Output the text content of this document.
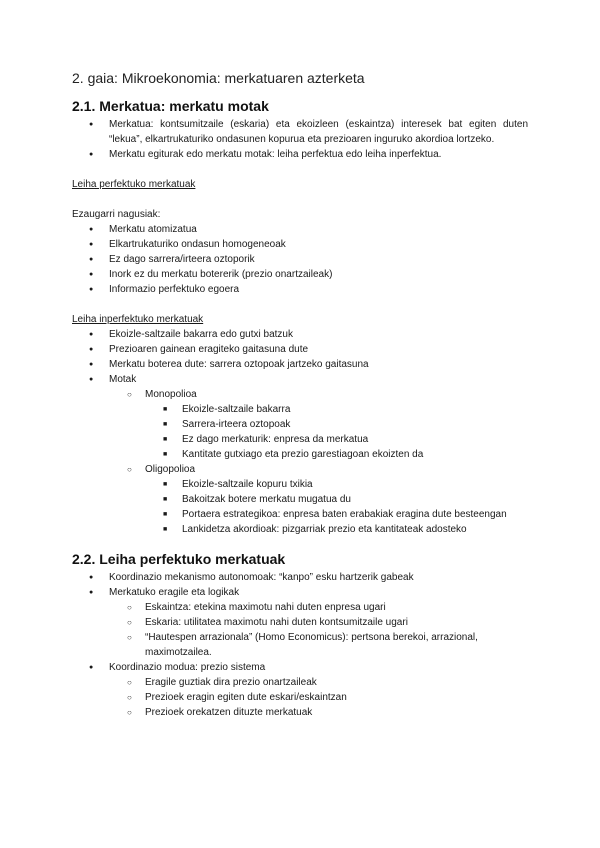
2. gaia: Mikroekonomia: merkatuaren azterketa
2.1. Merkatua: merkatu motak
● Merkatua: kontsumitzaile (eskaria) eta ekoizleen (eskaintza) interesek bat egiten duten “lekua”, elkartrukaturiko ondasunen kopurua eta prezioaren inguruko akordioa lortzeko.
● Merkatu egiturak edo merkatu motak: leiha perfektua edo leiha inperfektua.

Leiha perfektuko merkatuak

Ezaugarri nagusiak:
● Merkatu atomizatua
● Elkartrukaturiko ondasun homogeneoak
● Ez dago sarrera/irteera oztoporik
● Inork ez du merkatu botererik (prezio onartzaileak)
● Informazio perfektuko egoera

Leiha inperfektuko merkatuak

● Ekoizle-saltzaile bakarra edo gutxi batzuk
● Prezioaren gainean eragiteko gaitasuna dute
● Merkatu boterea dute: sarrera oztopoak jartzeko gaitasuna
● Motak
○ Monopolioa
■ Ekoizle-saltzaile bakarra
■ Sarrera-irteera oztopoak
■ Ez dago merkaturik: enpresa da merkatua
■ Kantitate gutxiago eta prezio garestiagoan ekoizten da
○ Oligopolioa
■ Ekoizle-saltzaile kopuru txikia
■ Bakoitzak botere merkatu mugatua du
■ Portaera estrategikoa: enpresa baten erabakiak eragina dute besteengan
■ Lankidetza akordioak: pizgarriak prezio eta kantitateak adosteko
2.2. Leiha perfektuko merkatuak
● Koordinazio mekanismo autonomoak: “kanpo” esku hartzerik gabeak
● Merkatuko eragile eta logikak
○ Eskaintza: etekina maximotu nahi duten enpresa ugari
○ Eskaria: utilitatea maximotu nahi duten kontsumitzaile ugari
○ “Hautespen arrazionala” (Homo Economicus): pertsona berekoi, arrazional, maximotzailea.
● Koordinazio modua: prezio sistema
○ Eragile guztiak dira prezio onartzaileak
○ Prezioek eragin egiten dute eskari/eskaintzan
○ Prezioek orekatzen dituzte merkatuak
